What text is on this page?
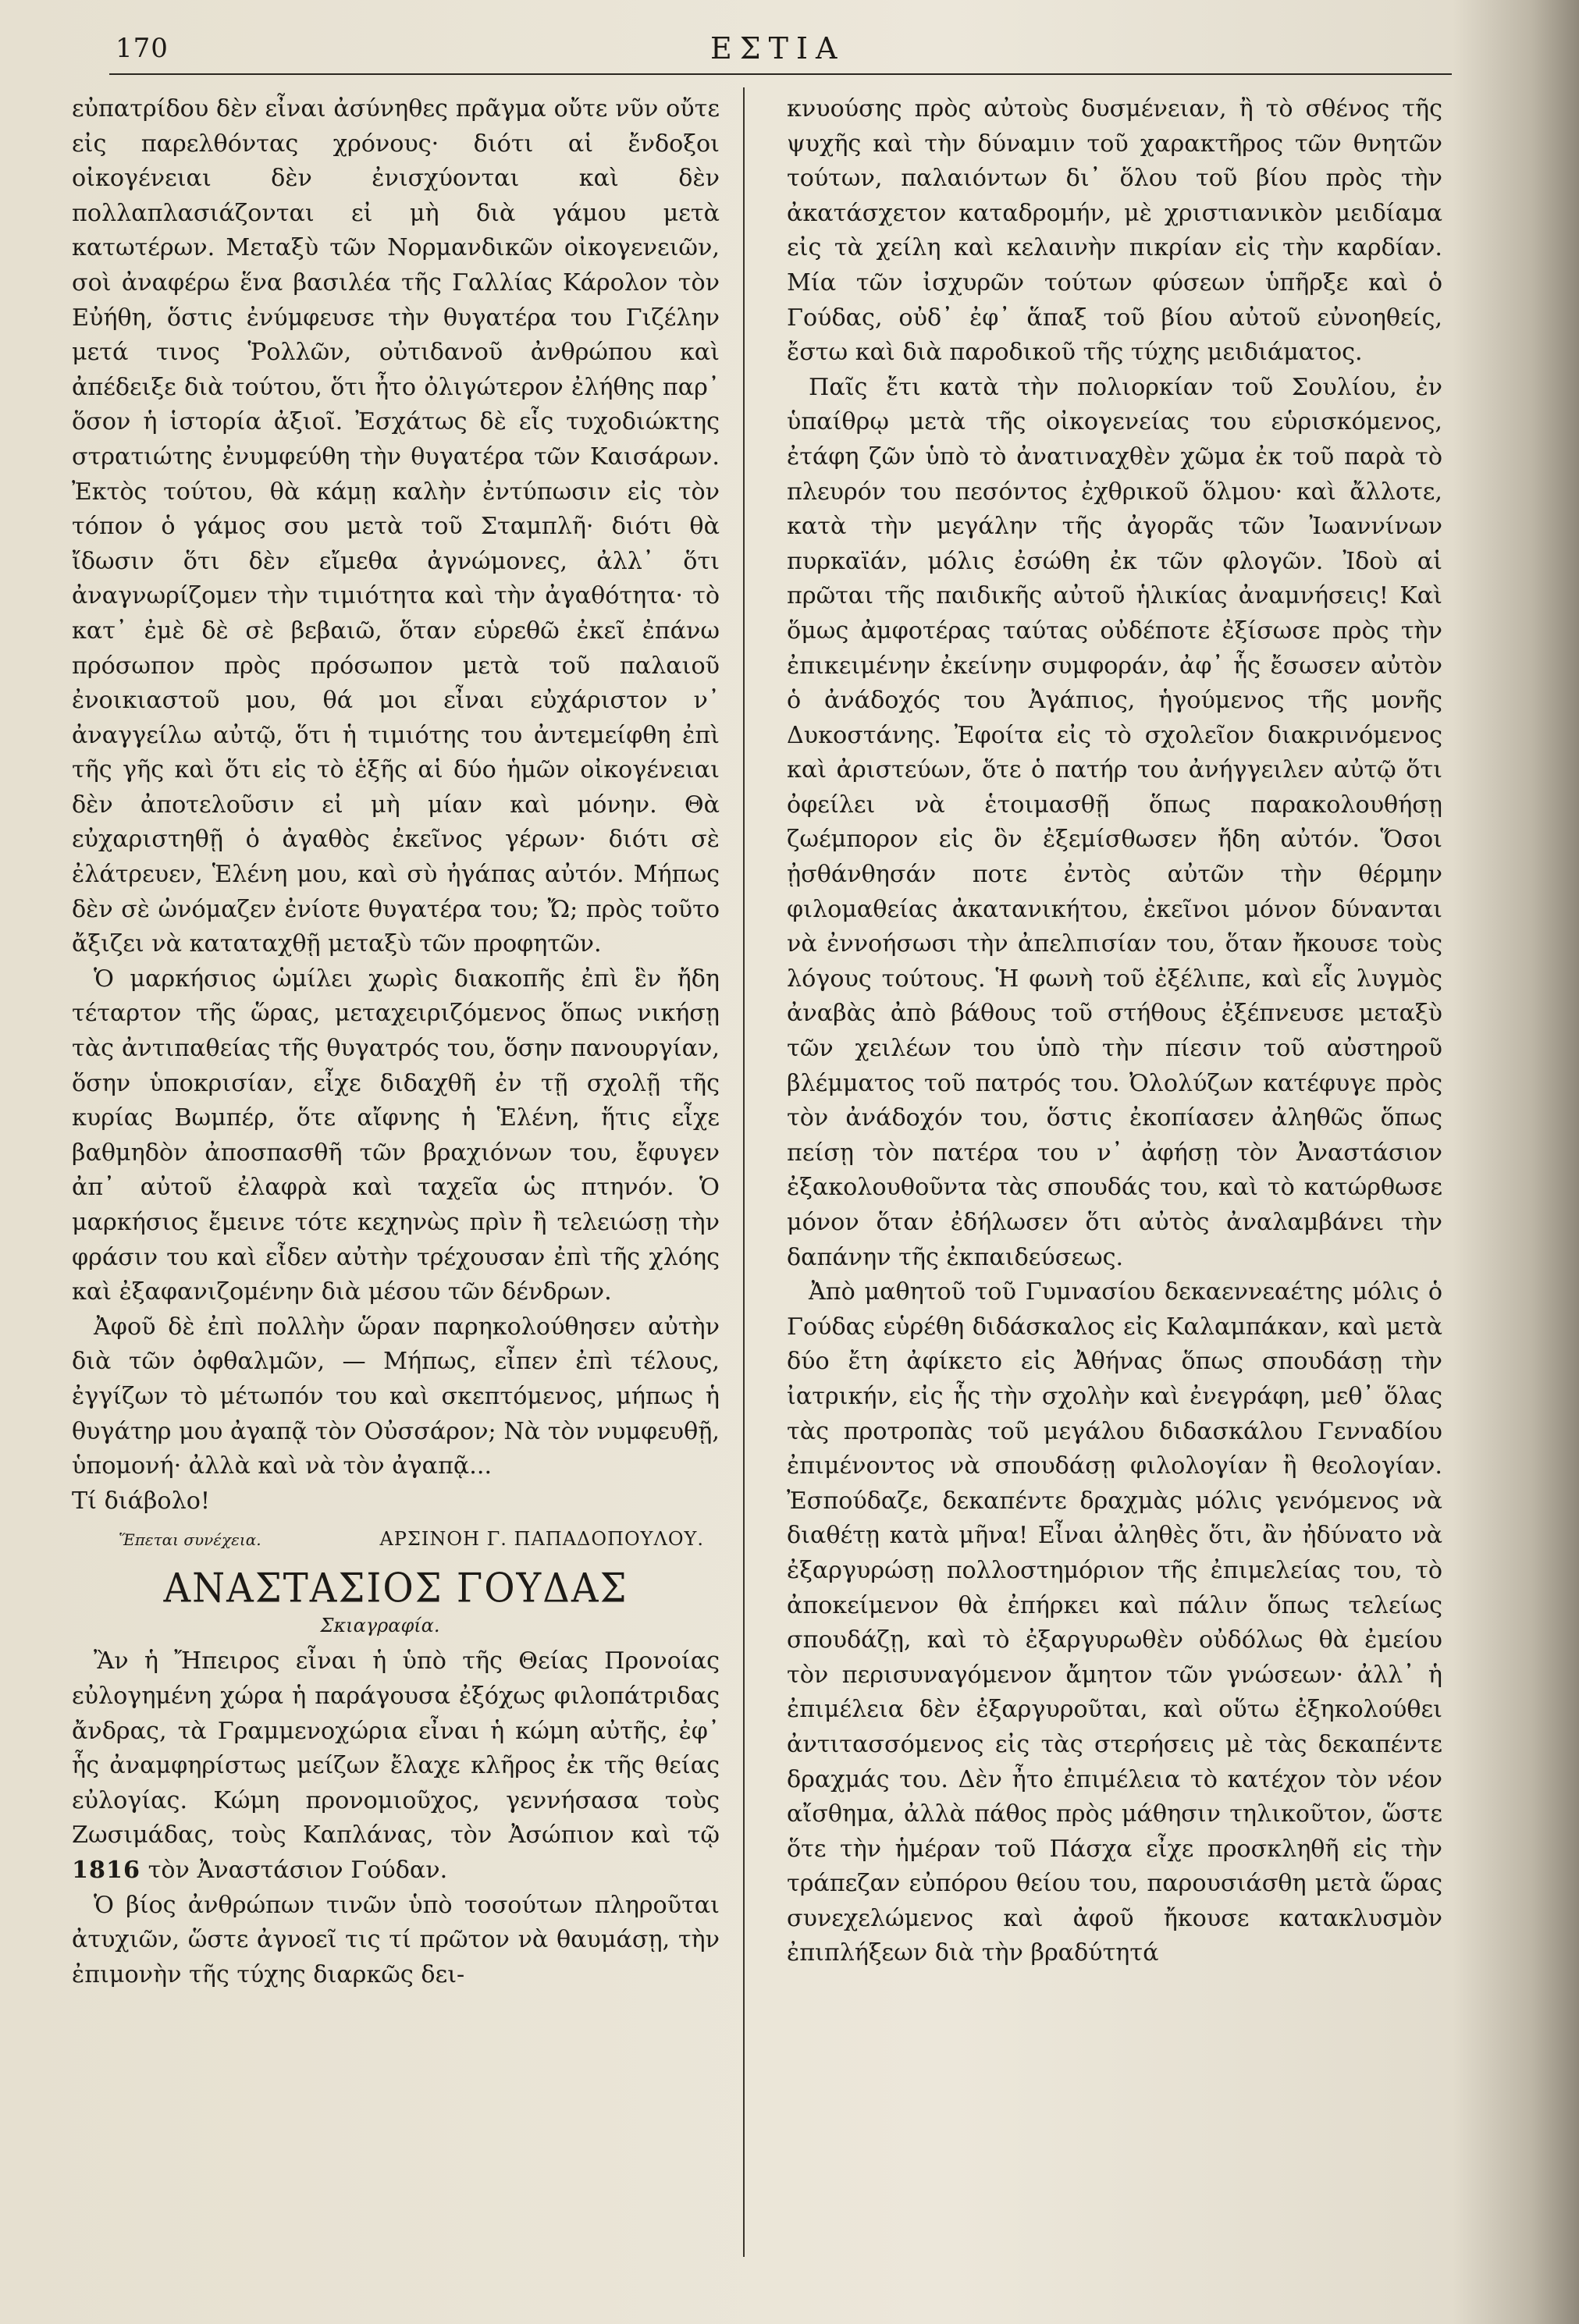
170	ΕΣΤΙΑ

εὐπατρίδου δὲν εἶναι ἀσύνηθες πρᾶγμα οὔτε νῦν οὔτε εἰς παρελθόντας χρόνους· διότι αἱ ἔνδοξοι οἰκογένειαι δὲν ἐνισχύονται καὶ δὲν πολλαπλασιάζονται εἰ μὴ διὰ γάμου μετὰ κατωτέρων. Μεταξὺ τῶν Νορμανδικῶν οἰκογενειῶν, σοὶ ἀναφέρω ἕνα βασιλέα τῆς Γαλλίας Κάρολον τὸν Εὐήθη, ὅστις ἐνύμφευσε τὴν θυγατέρα του Γιζέλην μετά τινος Ῥολλῶν, οὐτιδανοῦ ἀνθρώπου καὶ ἀπέδειξε διὰ τούτου, ὅτι ἦτο ὀλιγώτερον ἐλήθης παρ᾽ ὅσον ἡ ἱστορία ἀξιοῖ. Ἐσχάτως δὲ εἷς τυχοδιώκτης στρατιώτης ἐνυμφεύθη τὴν θυγατέρα τῶν Καισάρων. Ἐκτὸς τούτου, θὰ κάμῃ καλὴν ἐντύπωσιν εἰς τὸν τόπον ὁ γάμος σου μετὰ τοῦ Σταμπλῆ· διότι θὰ ἴδωσιν ὅτι δὲν εἴμεθα ἀγνώμονες, ἀλλ᾽ ὅτι ἀναγνωρίζομεν τὴν τιμιότητα καὶ τὴν ἀγαθότητα· τὸ κατ᾽ ἐμὲ δὲ σὲ βεβαιῶ, ὅταν εὑρεθῶ ἐκεῖ ἐπάνω πρόσωπον πρὸς πρόσωπον μετὰ τοῦ παλαιοῦ ἐνοικιαστοῦ μου, θά μοι εἶναι εὐχάριστον ν᾽ ἀναγγείλω αὐτῷ, ὅτι ἡ τιμιότης του ἀντεμείφθη ἐπὶ τῆς γῆς καὶ ὅτι εἰς τὸ ἑξῆς αἱ δύο ἡμῶν οἰκογένειαι δὲν ἀποτελοῦσιν εἰ μὴ μίαν καὶ μόνην. Θὰ εὐχαριστηθῇ ὁ ἀγαθὸς ἐκεῖνος γέρων· διότι σὲ ἐλάτρευεν, Ἑλένη μου, καὶ σὺ ἠγάπας αὐτόν. Μήπως δὲν σὲ ὠνόμαζεν ἐνίοτε θυγατέρα του; Ὤ; πρὸς τοῦτο ἄξιζει νὰ καταταχθῇ μεταξὺ τῶν προφητῶν.

Ὁ μαρκήσιος ὡμίλει χωρὶς διακοπῆς ἐπὶ ἓν ἤδη τέταρτον τῆς ὥρας, μεταχειριζόμενος ὅπως νικήσῃ τὰς ἀντιπαθείας τῆς θυγατρός του, ὅσην πανουργίαν, ὅσην ὑποκρισίαν, εἶχε διδαχθῆ ἐν τῇ σχολῇ τῆς κυρίας Βωμπέρ, ὅτε αἴφνης ἡ Ἑλένη, ἥτις εἶχε βαθμηδὸν ἀποσπασθῆ τῶν βραχιόνων του, ἔφυγεν ἀπ᾽ αὐτοῦ ἐλαφρὰ καὶ ταχεῖα ὡς πτηνόν. Ὁ μαρκήσιος ἔμεινε τότε κεχηνὼς πρὶν ἢ τελειώσῃ τὴν φράσιν του καὶ εἶδεν αὐτὴν τρέχουσαν ἐπὶ τῆς χλόης καὶ ἐξαφανιζομένην διὰ μέσου τῶν δένδρων.

Ἀφοῦ δὲ ἐπὶ πολλὴν ὥραν παρηκολούθησεν αὐτὴν διὰ τῶν ὀφθαλμῶν, — Μήπως, εἶπεν ἐπὶ τέλους, ἐγγίζων τὸ μέτωπόν του καὶ σκεπτόμενος, μήπως ἡ θυγάτηρ μου ἀγαπᾷ τὸν Οὐσσάρον; Νὰ τὸν νυμφευθῇ, ὑπομονή· ἀλλὰ καὶ νὰ τὸν ἀγαπᾷ...

Τί διάβολο!

Ἕπεται συνέχεια.	ΑΡΣΙΝΟΗ Γ. ΠΑΠΑΔΟΠΟΥΛΟΥ.
ΑΝΑΣΤΑΣΙΟΣ ΓΟΥΔΑΣ
Σκιαγραφία.

Ἂν ἡ Ἤπειρος εἶναι ἡ ὑπὸ τῆς Θείας Προνοίας εὐλογημένη χώρα ἡ παράγουσα ἐξόχως φιλοπάτριδας ἄνδρας, τὰ Γραμμενοχώρια εἶναι ἡ κώμη αὐτῆς, ἐφ᾽ ἧς ἀναμφηρίστως μείζων ἔλαχε κλῆρος ἐκ τῆς θείας εὐλογίας. Κώμη προνομιοῦχος, γεννήσασα τοὺς Ζωσιμάδας, τοὺς Καπλάνας, τὸν Ἀσώπιον καὶ τῷ 1816 τὸν Ἀναστάσιον Γούδαν.

Ὁ βίος ἀνθρώπων τινῶν ὑπὸ τοσούτων πληροῦται ἀτυχιῶν, ὥστε ἀγνοεῖ τις τί πρῶτον νὰ θαυμάσῃ, τὴν ἐπιμονὴν τῆς τύχης διαρκῶς δει-

κνυούσης πρὸς αὐτοὺς δυσμένειαν, ἢ τὸ σθένος τῆς ψυχῆς καὶ τὴν δύναμιν τοῦ χαρακτῆρος τῶν θνητῶν τούτων, παλαιόντων δι᾽ ὅλου τοῦ βίου πρὸς τὴν ἀκατάσχετον καταδρομήν, μὲ χριστιανικὸν μειδίαμα εἰς τὰ χείλη καὶ κελαινὴν πικρίαν εἰς τὴν καρδίαν. Μία τῶν ἰσχυρῶν τούτων φύσεων ὑπῆρξε καὶ ὁ Γούδας, οὐδ᾽ ἐφ᾽ ἅπαξ τοῦ βίου αὐτοῦ εὐνοηθείς, ἔστω καὶ διὰ παροδικοῦ τῆς τύχης μειδιάματος.

Παῖς ἔτι κατὰ τὴν πολιορκίαν τοῦ Σουλίου, ἐν ὑπαίθρῳ μετὰ τῆς οἰκογενείας του εὑρισκόμενος, ἐτάφη ζῶν ὑπὸ τὸ ἀνατιναχθὲν χῶμα ἐκ τοῦ παρὰ τὸ πλευρόν του πεσόντος ἐχθρικοῦ ὅλμου· καὶ ἄλλοτε, κατὰ τὴν μεγάλην τῆς ἀγορᾶς τῶν Ἰωαννίνων πυρκαϊάν, μόλις ἐσώθη ἐκ τῶν φλογῶν. Ἰδοὺ αἱ πρῶται τῆς παιδικῆς αὐτοῦ ἡλικίας ἀναμνήσεις! Καὶ ὅμως ἀμφοτέρας ταύτας οὐδέποτε ἐξίσωσε πρὸς τὴν ἐπικειμένην ἐκείνην συμφοράν, ἀφ᾽ ἧς ἔσωσεν αὐτὸν ὁ ἀνάδοχός του Ἀγάπιος, ἡγούμενος τῆς μονῆς Δυκοστάνης. Ἐφοίτα εἰς τὸ σχολεῖον διακρινόμενος καὶ ἀριστεύων, ὅτε ὁ πατήρ του ἀνήγγειλεν αὐτῷ ὅτι ὀφείλει νὰ ἑτοιμασθῇ ὅπως παρακολουθήσῃ ζωέμπορον εἰς ὃν ἐξεμίσθωσεν ἤδη αὐτόν. Ὅσοι ᾐσθάνθησάν ποτε ἐντὸς αὐτῶν τὴν θέρμην φιλομαθείας ἀκατανικήτου, ἐκεῖνοι μόνον δύνανται νὰ ἐννοήσωσι τὴν ἀπελπισίαν του, ὅταν ἤκουσε τοὺς λόγους τούτους. Ἡ φωνὴ τοῦ ἐξέλιπε, καὶ εἷς λυγμὸς ἀναβὰς ἀπὸ βάθους τοῦ στήθους ἐξέπνευσε μεταξὺ τῶν χειλέων του ὑπὸ τὴν πίεσιν τοῦ αὐστηροῦ βλέμματος τοῦ πατρός του. Ὀλολύζων κατέφυγε πρὸς τὸν ἀνάδοχόν του, ὅστις ἐκοπίασεν ἀληθῶς ὅπως πείσῃ τὸν πατέρα του ν᾽ ἀφήσῃ τὸν Ἀναστάσιον ἐξακολουθοῦντα τὰς σπουδάς του, καὶ τὸ κατώρθωσε μόνον ὅταν ἐδήλωσεν ὅτι αὐτὸς ἀναλαμβάνει τὴν δαπάνην τῆς ἐκπαιδεύσεως.

Ἀπὸ μαθητοῦ τοῦ Γυμνασίου δεκαεννεαέτης μόλις ὁ Γούδας εὑρέθη διδάσκαλος εἰς Καλαμπάκαν, καὶ μετὰ δύο ἔτη ἀφίκετο εἰς Ἀθήνας ὅπως σπουδάσῃ τὴν ἰατρικήν, εἰς ἧς τὴν σχολὴν καὶ ἐνεγράφη, μεθ᾽ ὅλας τὰς προτροπὰς τοῦ μεγάλου διδασκάλου Γενναδίου ἐπιμένοντος νὰ σπουδάσῃ φιλολογίαν ἢ θεολογίαν. Ἐσπούδαζε, δεκαπέντε δραχμὰς μόλις γενόμενος νὰ διαθέτῃ κατὰ μῆνα! Εἶναι ἀληθὲς ὅτι, ἂν ἠδύνατο νὰ ἐξαργυρώσῃ πολλοστημόριον τῆς ἐπιμελείας του, τὸ ἀποκείμενον θὰ ἐπήρκει καὶ πάλιν ὅπως τελείως σπουδάζῃ, καὶ τὸ ἐξαργυρωθὲν οὐδόλως θὰ ἐμείου τὸν περισυναγόμενον ἄμητον τῶν γνώσεων· ἀλλ᾽ ἡ ἐπιμέλεια δὲν ἐξαργυροῦται, καὶ οὕτω ἐξηκολούθει ἀντιτασσόμενος εἰς τὰς στερήσεις μὲ τὰς δεκαπέντε δραχμάς του. Δὲν ἦτο ἐπιμέλεια τὸ κατέχον τὸν νέον αἴσθημα, ἀλλὰ πάθος πρὸς μάθησιν τηλικοῦτον, ὥστε ὅτε τὴν ἡμέραν τοῦ Πάσχα εἶχε προσκληθῆ εἰς τὴν τράπεζαν εὐπόρου θείου του, παρουσιάσθη μετὰ ὥρας συνεχελώμενος καὶ ἀφοῦ ἤκουσε κατακλυσμὸν ἐπιπλήξεων διὰ τὴν βραδύτητά
